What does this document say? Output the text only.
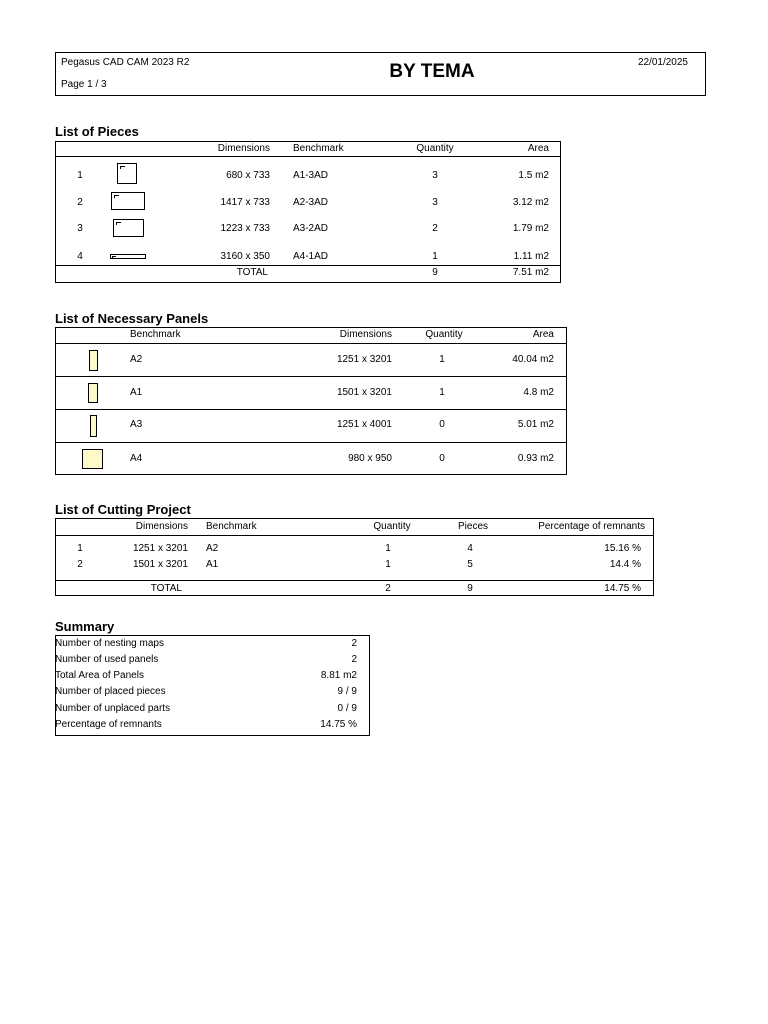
Pegasus CAD CAM 2023 R2
Page 1 / 3
BY TEMA	22/01/2025
List of Pieces
Dimensions Benchmark	Quantity	Area
1	680 x 733 A1-3AD	3	1.5 m2
2	1417 x 733 A2-3AD	3	3.12 m2
3	1223 x 733 A3-2AD	2	1.79 m2
4	3160 x 350 A4-1AD	1	1.11 m2
TOTAL	9	7.51 m2
List of Necessary Panels
Benchmark	Dimensions	Quantity	Area
A2	1251 x 3201	1	40.04 m2
A1	1501 x 3201	1	4.8 m2
A3	1251 x 4001	0	5.01 m2
A4	980 x 950	0	0.93 m2
List of Cutting Project
Dimensions Benchmark	Quantity	Pieces	Percentage of remnants
1	1251 x 3201 A2	1	4	15.16 %
2	1501 x 3201 A1	1	5	14.4 %
TOTAL	2	9	14.75 %
Summary
Number of nesting maps	2
Number of used panels	2
Total Area of Panels	8.81 m2
Number of placed pieces	9 / 9
Number of unplaced parts	0 / 9
Percentage of remnants	14.75 %
